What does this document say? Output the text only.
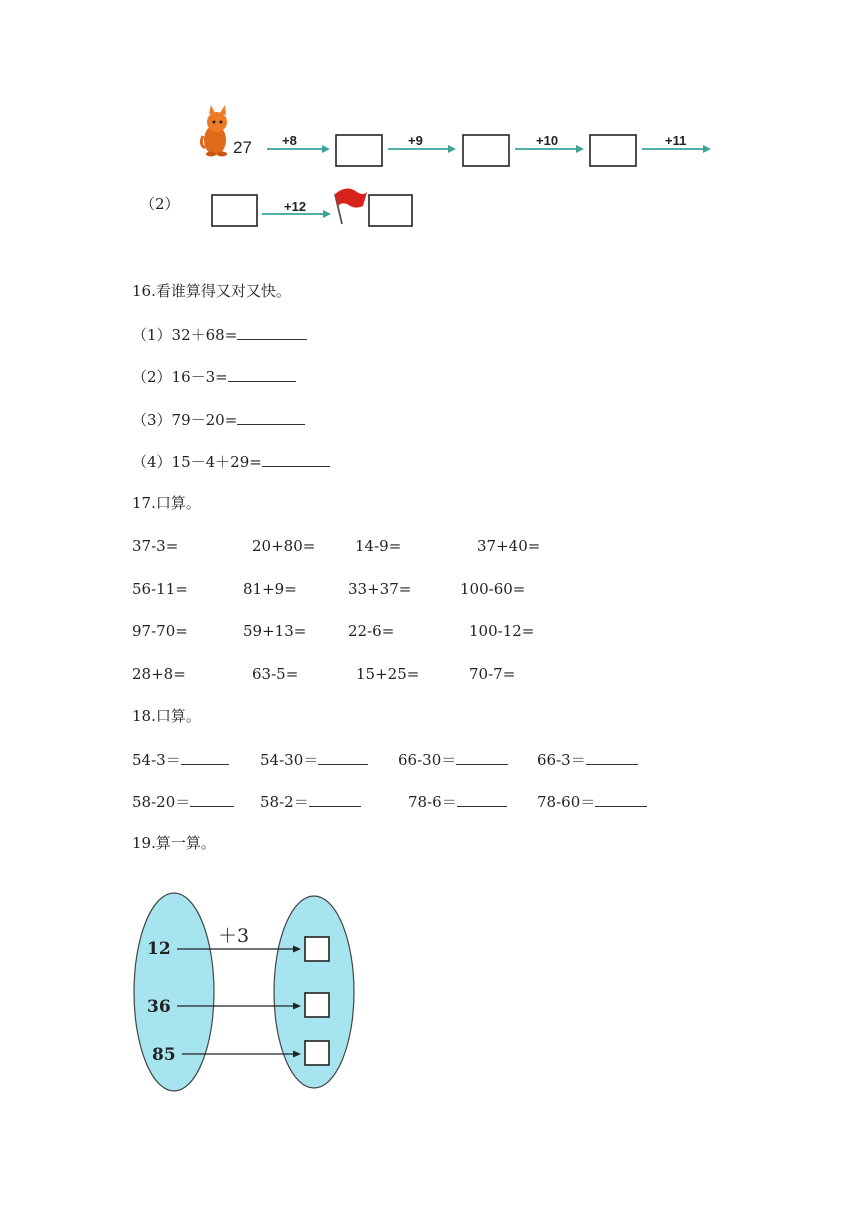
27 +8	+9	+10	+11
+12
（2）
16.看谁算得又对又快。
（1）32＋68=
（2）16－3=
（3）79－20=
（4）15－4＋29=
17.口算。
37-3=	20+80=	14-9=	37+40=
56-11=	81+9=	33+37=	100-60=
97-70=	59+13=	22-6=	100-12=
28+8=	63-5=	15+25=	70-7=
18.口算。
54-3＝	54-30＝	66-30＝	66-3＝
58-20＝	58-2＝	78-6＝	78-60＝
19.算一算。
＋3
12
36
85
